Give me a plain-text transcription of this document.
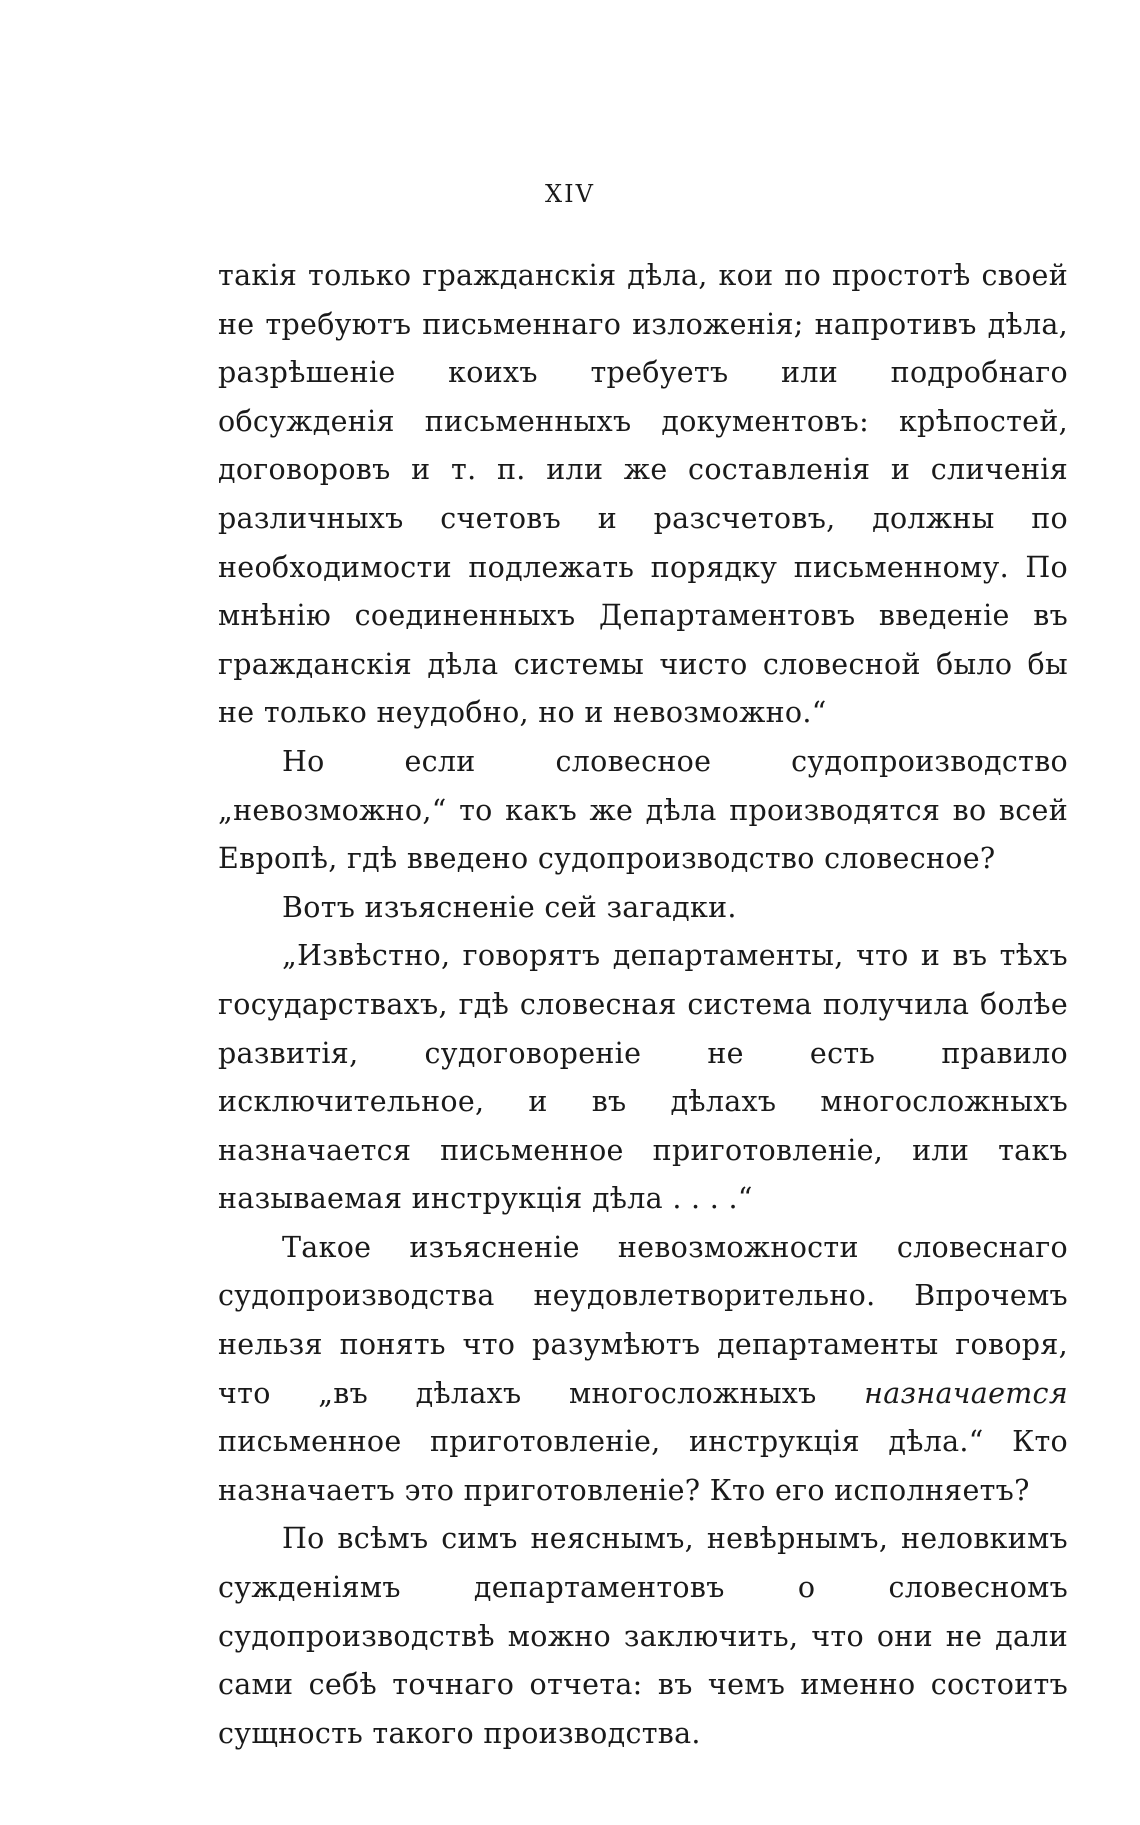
XIV

такія только гражданскія дѣла, кои по простотѣ своей не требуютъ письменнаго изложенія; напротивъ дѣла, разрѣшеніе коихъ требуетъ или подробнаго обсужденія письменныхъ документовъ: крѣпостей, договоровъ и т. п. или же составленія и сличенія различныхъ счетовъ и разсчетовъ, должны по необходимости подлежать порядку письменному. По мнѣнію соединенныхъ Департаментовъ введеніе въ гражданскія дѣла системы чисто словесной было бы не только неудобно, но и невозможно.“

Но если словесное судопроизводство „невозможно,“ то какъ же дѣла производятся во всей Европѣ, гдѣ введено судопроизводство словесное?

Вотъ изъясненіе сей загадки.

„Извѣстно, говорятъ департаменты, что и въ тѣхъ государствахъ, гдѣ словесная система получила болѣе развитія, судоговореніе не есть правило исключительное, и въ дѣлахъ многосложныхъ назначается письменное приготовленіе, или такъ называемая инструкція дѣла . . . .“

Такое изъясненіе невозможности словеснаго судопроизводства неудовлетворительно. Впрочемъ нельзя понять что разумѣютъ департаменты говоря, что „въ дѣлахъ многосложныхъ назначается письменное приготовленіе, инструкція дѣла.“ Кто назначаетъ это приготовленіе? Кто его исполняетъ?

По всѣмъ симъ неяснымъ, невѣрнымъ, неловкимъ сужденіямъ департаментовъ о словесномъ судопроизводствѣ можно заключить, что они не дали сами себѣ точнаго отчета: въ чемъ именно состоитъ сущность такого производства.
